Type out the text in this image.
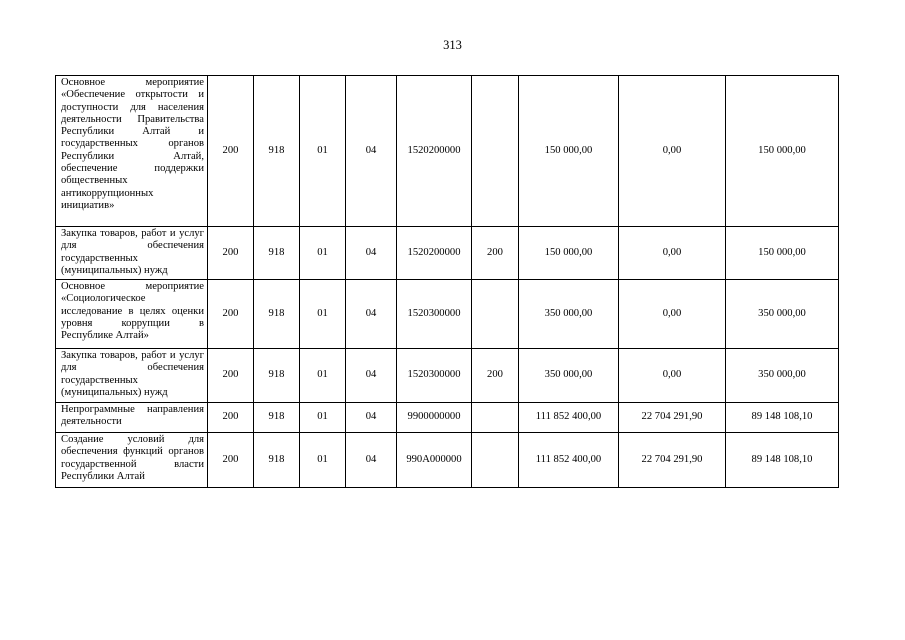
313
Основное мероприятие «Обеспечение открытости и доступности для населения деятельности Правительства Республики Алтай и государственных органов Республики Алтай, обеспечение поддержки общественных антикоррупционных инициатив»	200	918	01	04	1520200000		150 000,00	0,00	150 000,00
Закупка товаров, работ и услуг для обеспечения государственных (муниципальных) нужд	200	918	01	04	1520200000	200	150 000,00	0,00	150 000,00
Основное мероприятие «Социологическое исследование в целях оценки уровня коррупции в Республике Алтай»	200	918	01	04	1520300000		350 000,00	0,00	350 000,00
Закупка товаров, работ и услуг для обеспечения государственных (муниципальных) нужд	200	918	01	04	1520300000	200	350 000,00	0,00	350 000,00
Непрограммные направления деятельности	200	918	01	04	9900000000		111 852 400,00	22 704 291,90	89 148 108,10
Создание условий для обеспечения функций органов государственной власти Республики Алтай	200	918	01	04	990А000000		111 852 400,00	22 704 291,90	89 148 108,10
